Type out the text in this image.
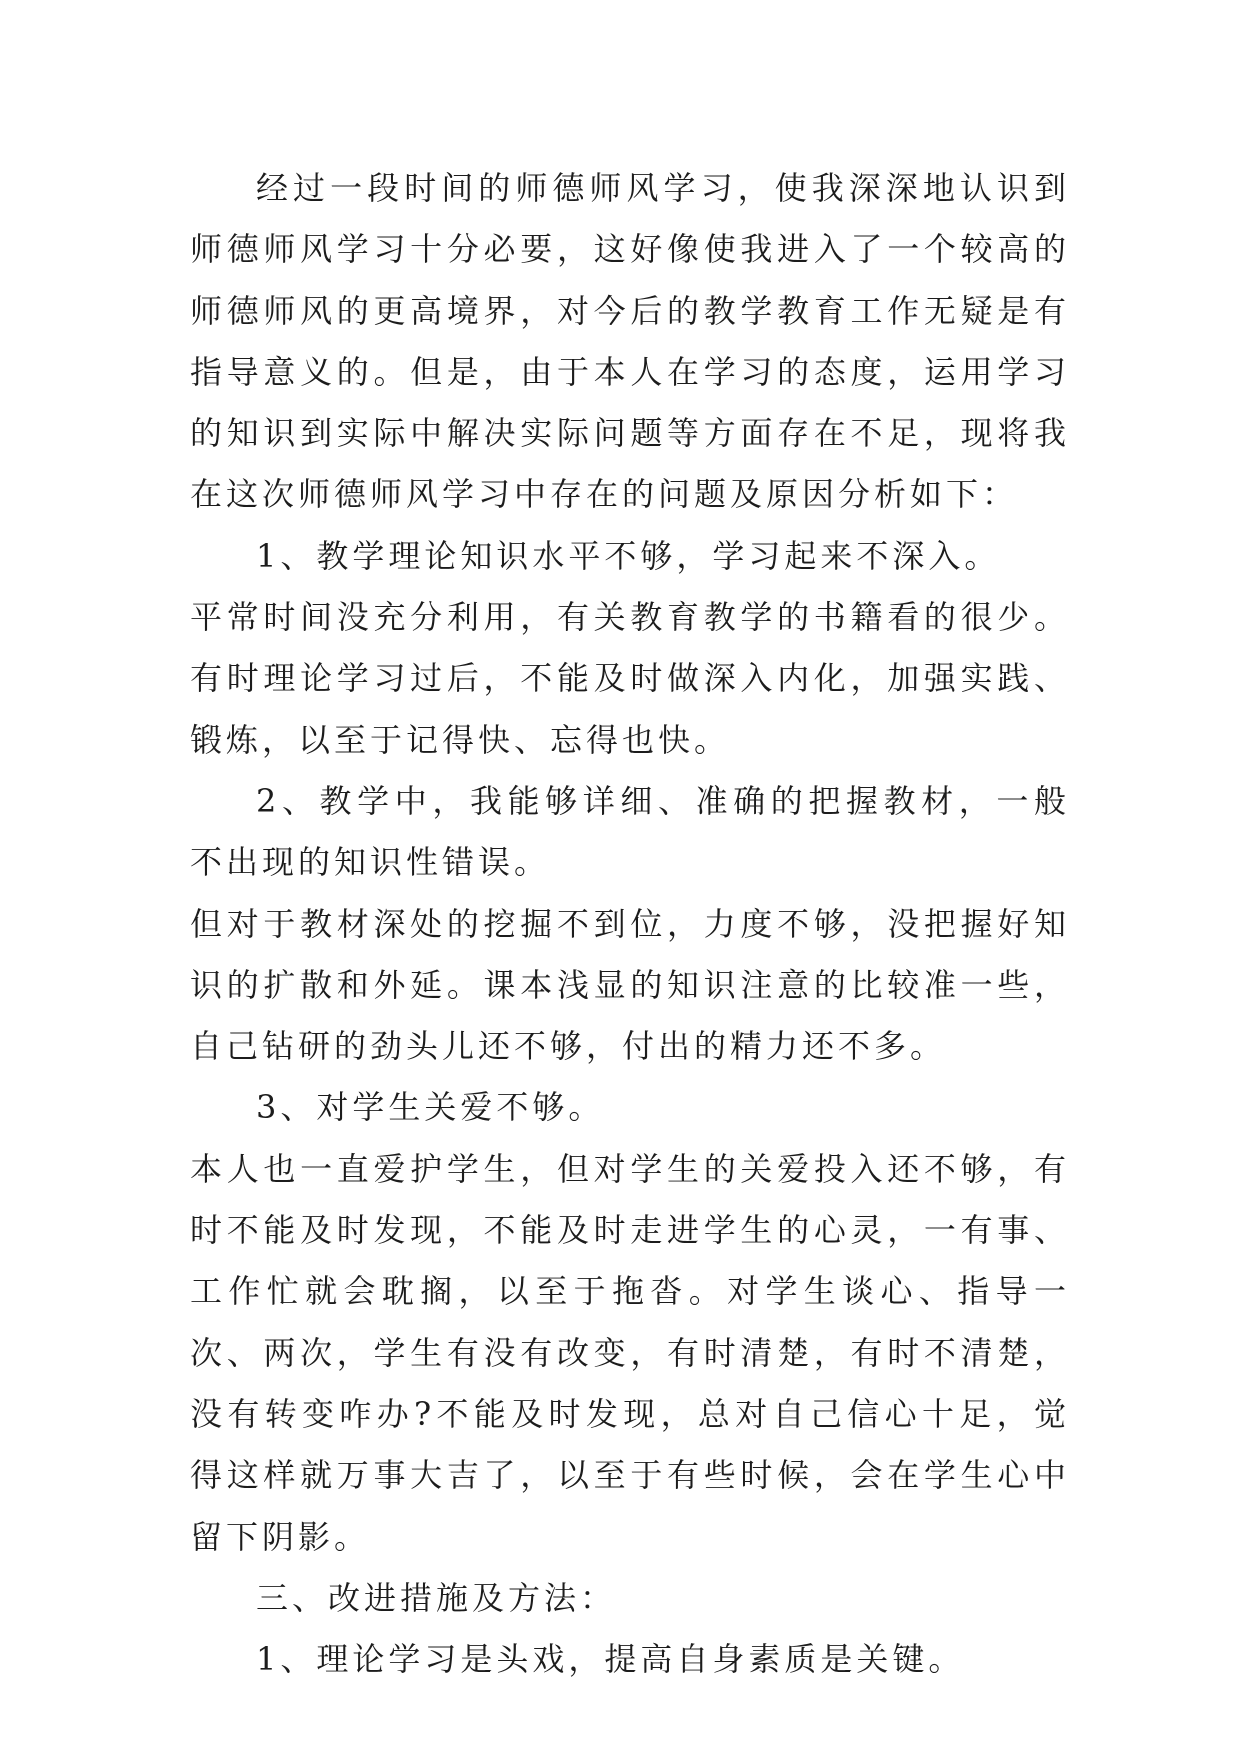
经过一段时间的师德师风学习，使我深深地认识到师德师风学习十分必要，这好像使我进入了一个较高的师德师风的更高境界，对今后的教学教育工作无疑是有指导意义的。但是，由于本人在学习的态度，运用学习的知识到实际中解决实际问题等方面存在不足，现将我在这次师德师风学习中存在的问题及原因分析如下：

1、教学理论知识水平不够，学习起来不深入。

平常时间没充分利用，有关教育教学的书籍看的很少。有时理论学习过后，不能及时做深入内化，加强实践、锻炼，以至于记得快、忘得也快。

2、教学中，我能够详细、准确的把握教材，一般不出现的知识性错误。

但对于教材深处的挖掘不到位，力度不够，没把握好知识的扩散和外延。课本浅显的知识注意的比较准一些，自己钻研的劲头儿还不够，付出的精力还不多。

3、对学生关爱不够。

本人也一直爱护学生，但对学生的关爱投入还不够，有时不能及时发现，不能及时走进学生的心灵，一有事、工作忙就会耽搁，以至于拖沓。对学生谈心、指导一次、两次，学生有没有改变，有时清楚，有时不清楚，没有转变咋办?不能及时发现，总对自己信心十足，觉得这样就万事大吉了，以至于有些时候，会在学生心中留下阴影。

三、改进措施及方法：

1、理论学习是头戏，提高自身素质是关键。
